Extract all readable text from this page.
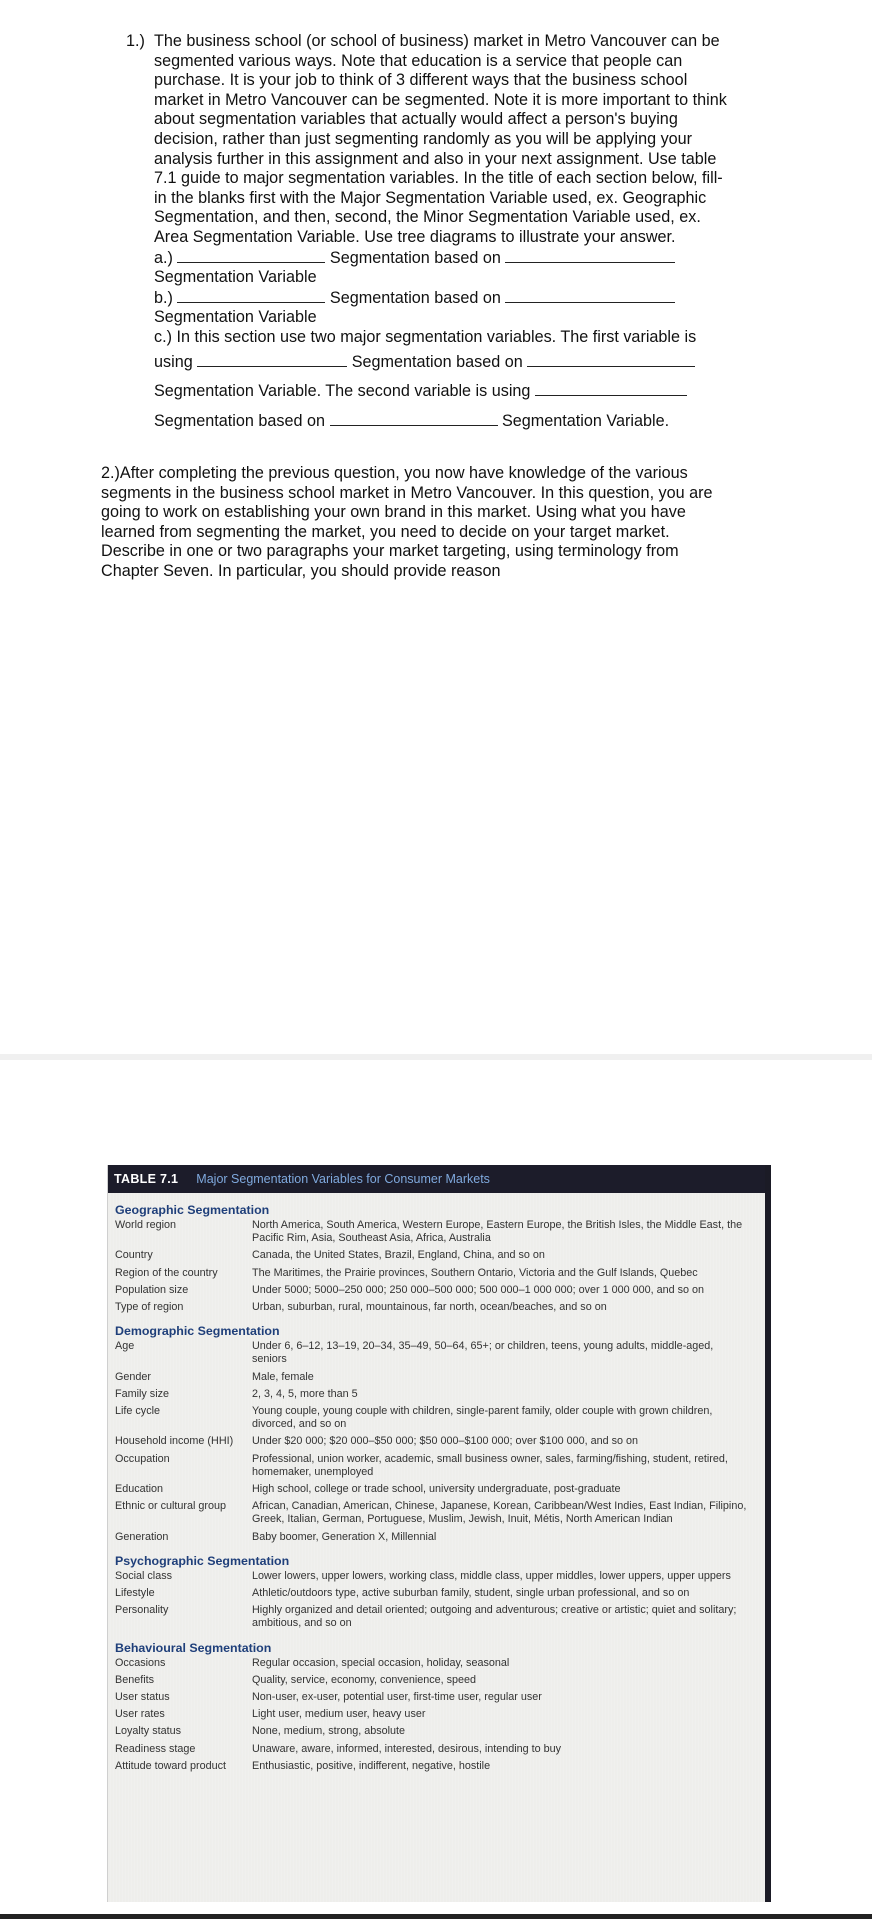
1.) The business school (or school of business) market in Metro Vancouver can be
segmented various ways. Note that education is a service that people can
purchase. It is your job to think of 3 different ways that the business school
market in Metro Vancouver can be segmented. Note it is more important to think
about segmentation variables that actually would affect a person's buying
decision, rather than just segmenting randomly as you will be applying your
analysis further in this assignment and also in your next assignment. Use table
7.1 guide to major segmentation variables. In the title of each section below, fill-
in the blanks first with the Major Segmentation Variable used, ex. Geographic
Segmentation, and then, second, the Minor Segmentation Variable used, ex.
Area Segmentation Variable. Use tree diagrams to illustrate your answer.
a.)	Segmentation based on
Segmentation Variable
b.)	Segmentation based on
Segmentation Variable
c.) In this section use two major segmentation variables. The first variable is
using	Segmentation based on
Segmentation Variable. The second variable is using
Segmentation based on	Segmentation Variable.
2.)After completing the previous question, you now have knowledge of the various
segments in the business school market in Metro Vancouver. In this question, you are
going to work on establishing your own brand in this market. Using what you have
learned from segmenting the market, you need to decide on your target market.
Describe in one or two paragraphs your market targeting, using terminology from
Chapter Seven. In particular, you should provide reason
TABLE 7.1 Major Segmentation Variables for Consumer Markets
Geographic Segmentation
World region	North America, South America, Western Europe, Eastern Europe, the British Isles, the Middle East, the Pacific Rim, Asia, Southeast Asia, Africa, Australia
Country	Canada, the United States, Brazil, England, China, and so on
Region of the country	The Maritimes, the Prairie provinces, Southern Ontario, Victoria and the Gulf Islands, Quebec
Population size	Under 5000; 5000–250 000; 250 000–500 000; 500 000–1 000 000; over 1 000 000, and so on
Type of region	Urban, suburban, rural, mountainous, far north, ocean/beaches, and so on
Demographic Segmentation
Age	Under 6, 6–12, 13–19, 20–34, 35–49, 50–64, 65+; or children, teens, young adults, middle-aged, seniors
Gender	Male, female
Family size	2, 3, 4, 5, more than 5
Life cycle	Young couple, young couple with children, single-parent family, older couple with grown children, divorced, and so on
Household income (HHI)	Under $20 000; $20 000–$50 000; $50 000–$100 000; over $100 000, and so on
Occupation	Professional, union worker, academic, small business owner, sales, farming/fishing, student, retired, homemaker, unemployed
Education	High school, college or trade school, university undergraduate, post-graduate
Ethnic or cultural group	African, Canadian, American, Chinese, Japanese, Korean, Caribbean/West Indies, East Indian, Filipino, Greek, Italian, German, Portuguese, Muslim, Jewish, Inuit, Métis, North American Indian
Generation	Baby boomer, Generation X, Millennial
Psychographic Segmentation
Social class	Lower lowers, upper lowers, working class, middle class, upper middles, lower uppers, upper uppers
Lifestyle	Athletic/outdoors type, active suburban family, student, single urban professional, and so on
Personality	Highly organized and detail oriented; outgoing and adventurous; creative or artistic; quiet and solitary; ambitious, and so on
Behavioural Segmentation
Occasions	Regular occasion, special occasion, holiday, seasonal
Benefits	Quality, service, economy, convenience, speed
User status	Non-user, ex-user, potential user, first-time user, regular user
User rates	Light user, medium user, heavy user
Loyalty status	None, medium, strong, absolute
Readiness stage	Unaware, aware, informed, interested, desirous, intending to buy
Attitude toward product	Enthusiastic, positive, indifferent, negative, hostile
